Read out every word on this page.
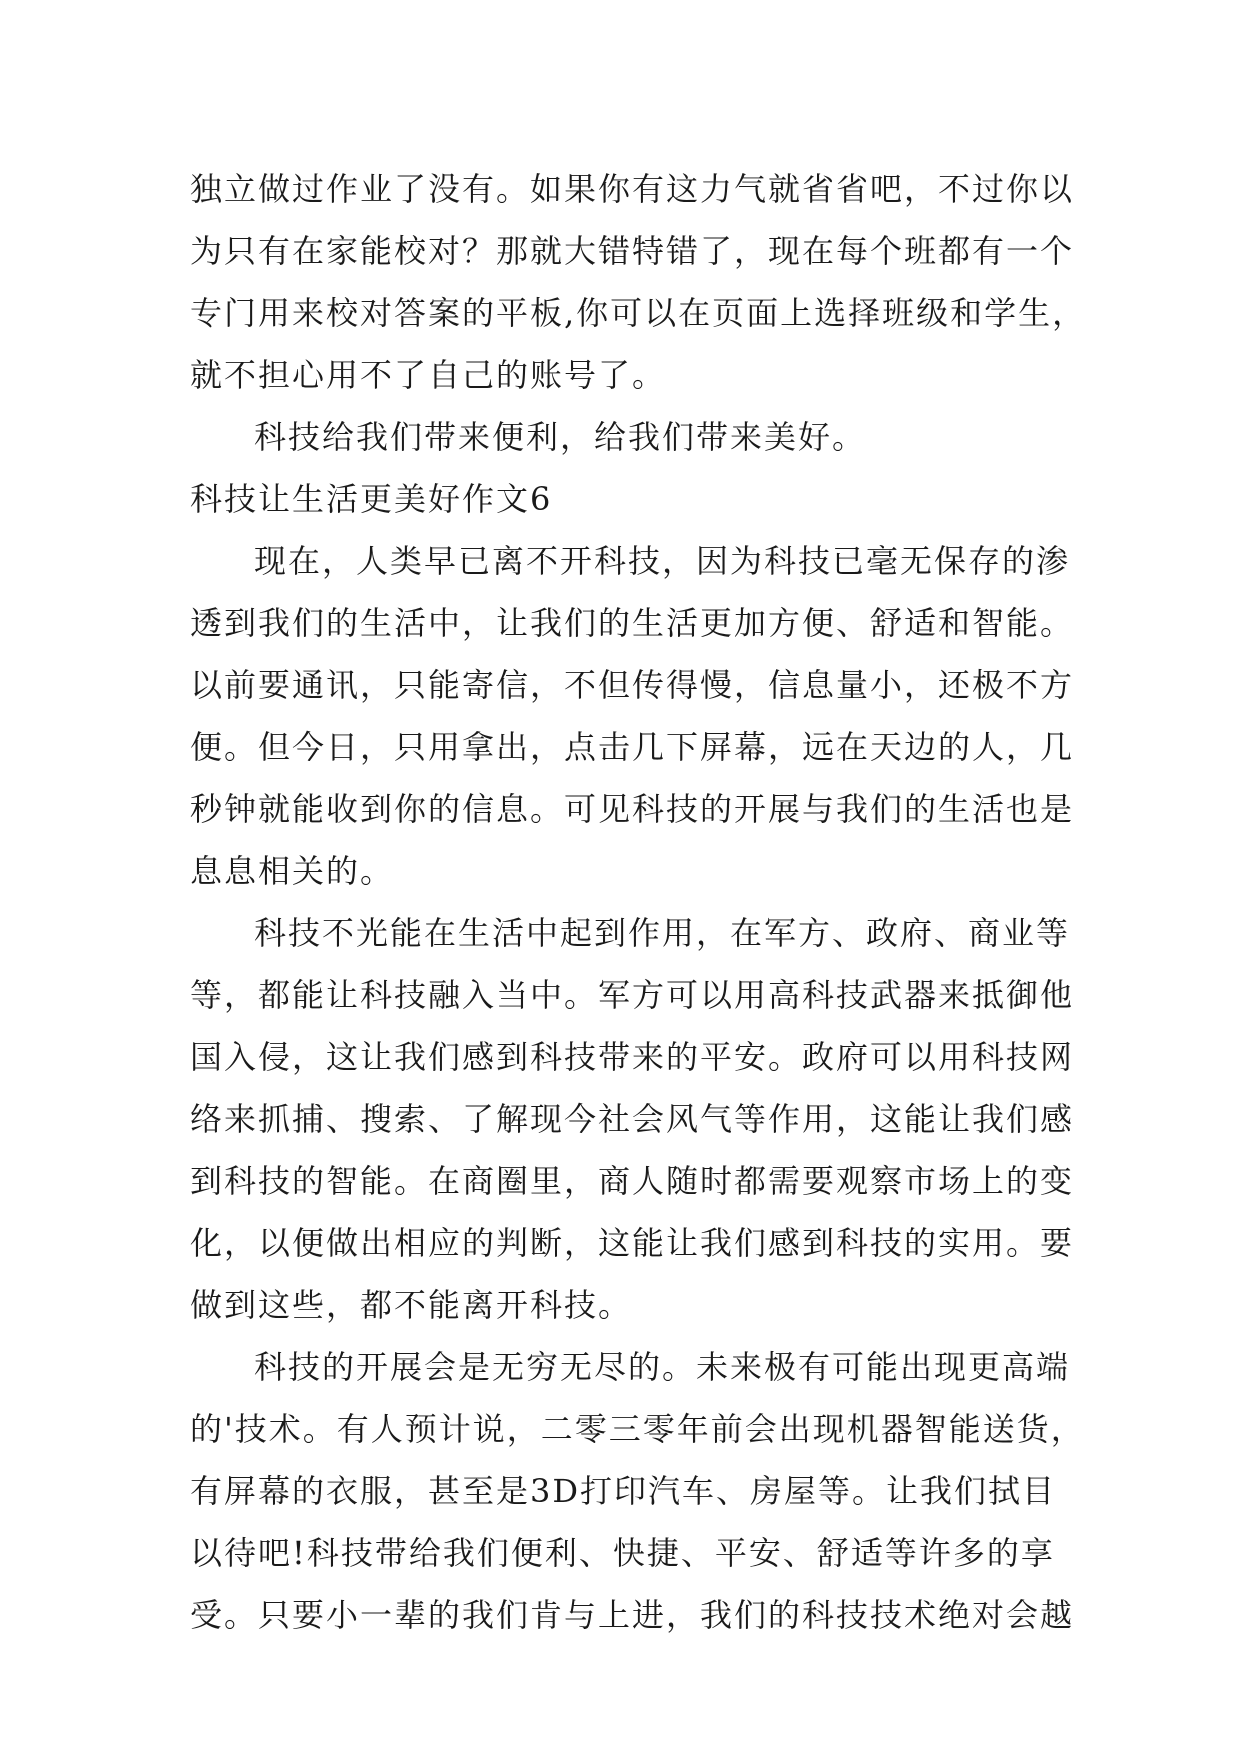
独立做过作业了没有。如果你有这力气就省省吧，不过你以
为只有在家能校对？那就大错特错了，现在每个班都有一个
专门用来校对答案的平板,你可以在页面上选择班级和学生，
就不担心用不了自己的账号了。
科技给我们带来便利，给我们带来美好。
科技让生活更美好作文6
现在，人类早已离不开科技，因为科技已毫无保存的渗
透到我们的生活中，让我们的生活更加方便、舒适和智能。
以前要通讯，只能寄信，不但传得慢，信息量小，还极不方
便。但今日，只用拿出，点击几下屏幕，远在天边的人，几
秒钟就能收到你的信息。可见科技的开展与我们的生活也是
息息相关的。
科技不光能在生活中起到作用，在军方、政府、商业等
等，都能让科技融入当中。军方可以用高科技武器来抵御他
国入侵，这让我们感到科技带来的平安。政府可以用科技网
络来抓捕、搜索、了解现今社会风气等作用，这能让我们感
到科技的智能。在商圈里，商人随时都需要观察市场上的变
化，以便做出相应的判断，这能让我们感到科技的实用。要
做到这些，都不能离开科技。
科技的开展会是无穷无尽的。未来极有可能出现更高端
的'技术。有人预计说，二零三零年前会出现机器智能送货，
有屏幕的衣服，甚至是3D打印汽车、房屋等。让我们拭目
以待吧!科技带给我们便利、快捷、平安、舒适等许多的享
受。只要小一辈的我们肯与上进，我们的科技技术绝对会越
